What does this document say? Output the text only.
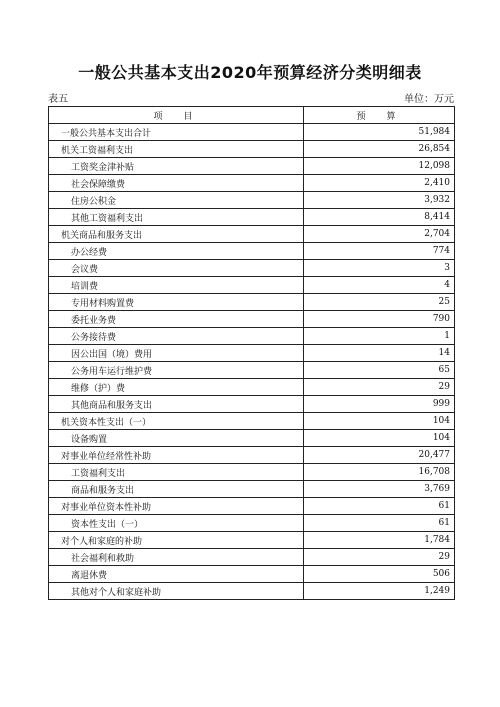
一般公共基本支出2020年预算经济分类明细表
表五	单位：万元
项　目	预　算
一般公共基本支出合计	51,984
机关工资福利支出	26,854
工资奖金津补贴	12,098
社会保障缴费	2,410
住房公积金	3,932
其他工资福利支出	8,414
机关商品和服务支出	2,704
办公经费	774
会议费	3
培训费	4
专用材料购置费	25
委托业务费	790
公务接待费	1
因公出国（境）费用	14
公务用车运行维护费	65
维修（护）费	29
其他商品和服务支出	999
机关资本性支出（一）	104
设备购置	104
对事业单位经常性补助	20,477
工资福利支出	16,708
商品和服务支出	3,769
对事业单位资本性补助	61
资本性支出（一）	61
对个人和家庭的补助	1,784
社会福利和救助	29
离退休费	506
其他对个人和家庭补助	1,249
